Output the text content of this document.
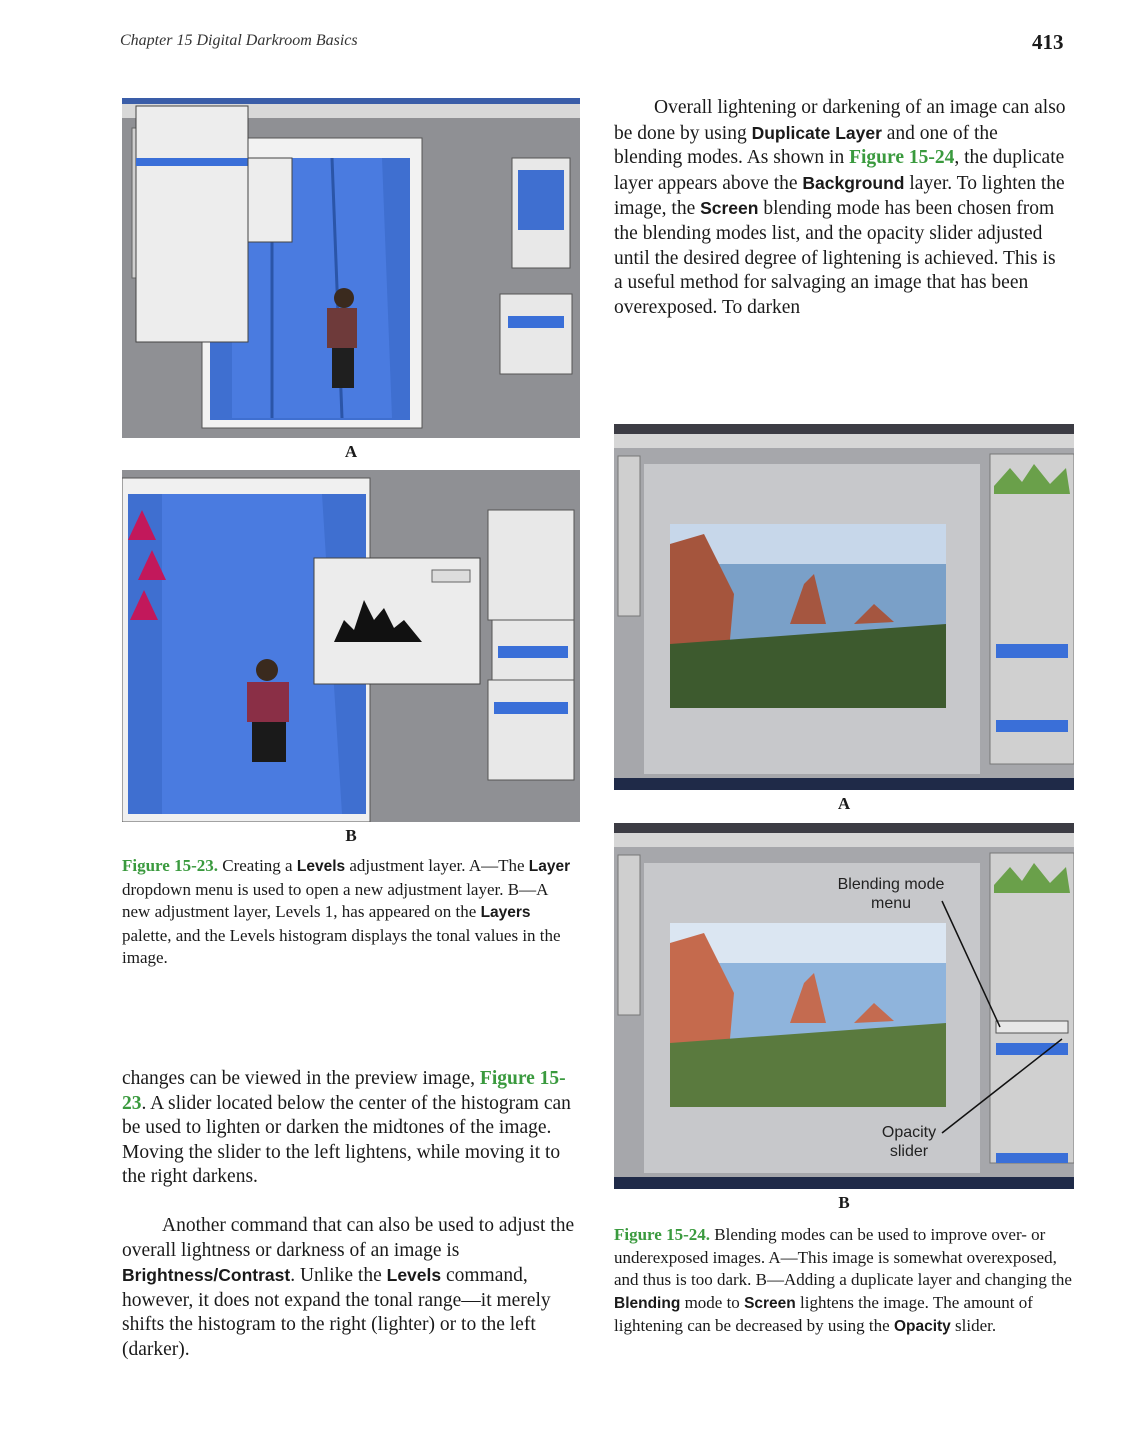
Chapter 15 Digital Darkroom Basics	413

Overall lightening or darkening of an image can also be done by using Duplicate Layer and one of the blending modes. As shown in Figure 15-24, the duplicate layer appears above the Background layer. To lighten the image, the Screen blending mode has been chosen from the blending modes list, and the opacity slider adjusted until the desired degree of lightening is achieved. This is a useful method for salvaging an image that has been overexposed. To darken

A
B

Figure 15-23. Creating a Levels adjustment layer. A—The Layer dropdown menu is used to open a new adjustment layer. B—A new adjustment layer, Levels 1, has appeared on the Layers palette, and the Levels histogram displays the tonal values in the image.

changes can be viewed in the preview image, Figure 15-23. A slider located below the center of the histogram can be used to lighten or darken the midtones of the image. Moving the slider to the left lightens, while moving it to the right darkens.

Another command that can also be used to adjust the overall lightness or darkness of an image is Brightness/Contrast. Unlike the Levels command, however, it does not expand the tonal range—it merely shifts the histogram to the right (lighter) or to the left (darker).

A
Blending mode menu
Opacity slider
B

Figure 15-24. Blending modes can be used to improve over- or underexposed images. A—This image is somewhat overexposed, and thus is too dark. B—Adding a duplicate layer and changing the Blending mode to Screen lightens the image. The amount of lightening can be decreased by using the Opacity slider.
